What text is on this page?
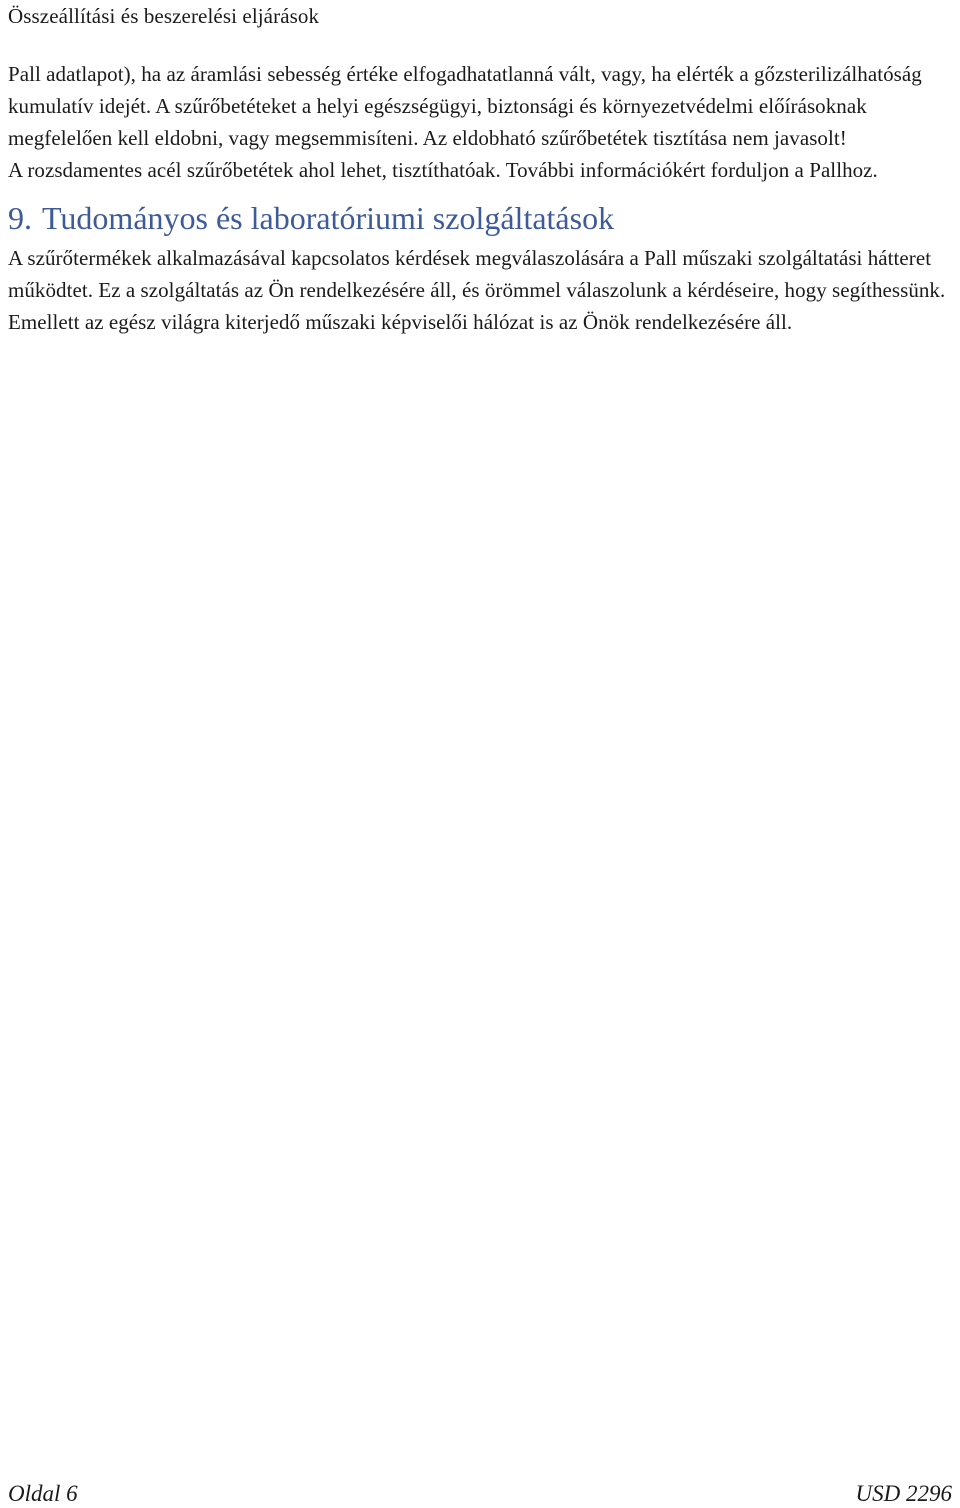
Összeállítási és beszerelési eljárások

Pall adatlapot), ha az áramlási sebesség értéke elfogadhatatlanná vált, vagy, ha elérték a gőzsterilizálhatóság kumulatív idejét. A szűrőbetéteket a helyi egészségügyi, biztonsági és környezetvédelmi előírásoknak megfelelően kell eldobni, vagy megsemmisíteni. Az eldobható szűrőbetétek tisztítása nem javasolt!

A rozsdamentes acél szűrőbetétek ahol lehet, tisztíthatóak. További információkért forduljon a Pallhoz.

9. Tudományos és laboratóriumi szolgáltatások

A szűrőtermékek alkalmazásával kapcsolatos kérdések megválaszolására a Pall műszaki szolgáltatási hátteret működtet. Ez a szolgáltatás az Ön rendelkezésére áll, és örömmel válaszolunk a kérdéseire, hogy segíthessünk. Emellett az egész világra kiterjedő műszaki képviselői hálózat is az Önök rendelkezésére áll.

Oldal 6	USD 2296
